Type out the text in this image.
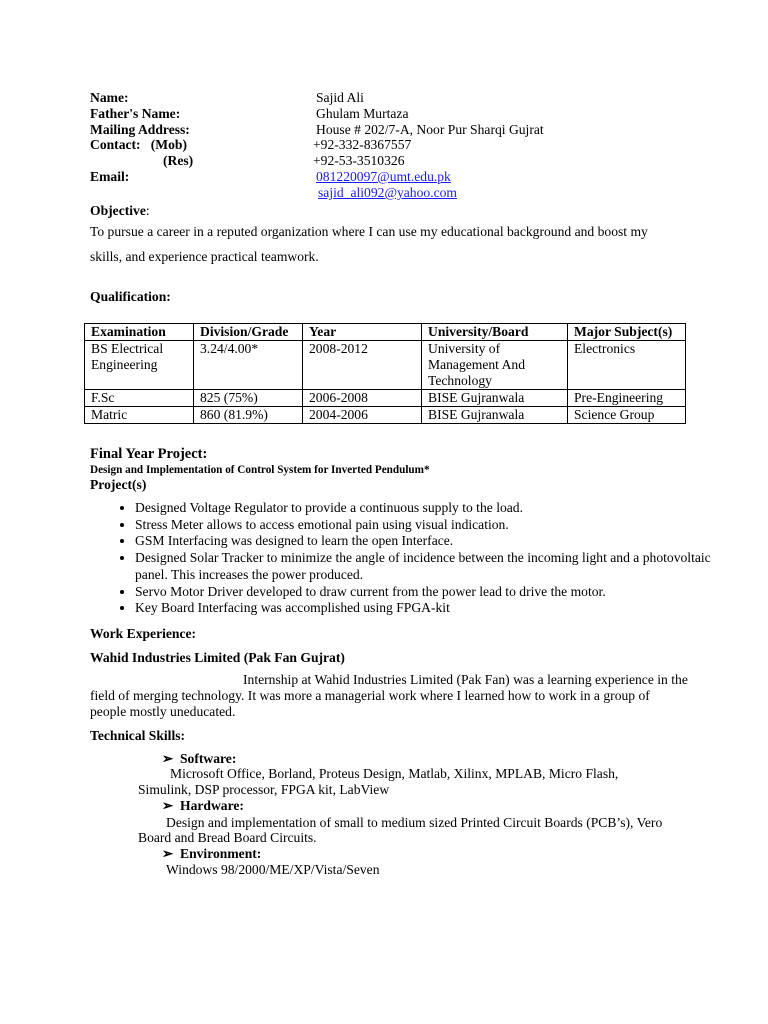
Name:	Sajid Ali
Father's Name:	Ghulam Murtaza
Mailing Address:	House # 202/7-A, Noor Pur Sharqi Gujrat
Contact:   (Mob)	+92-332-8367557
(Res)	+92-53-3510326
Email:	081220097@umt.edu.pk
sajid_ali092@yahoo.com
Objective:
To pursue a career in a reputed organization where I can use my educational background and boost my skills, and experience practical teamwork.
Qualification:
Examination	Division/Grade	Year	University/Board	Major Subject(s)
BS Electrical Engineering	3.24/4.00*	2008-2012	University of Management And Technology	Electronics
F.Sc	825 (75%)	2006-2008	BISE Gujranwala	Pre-Engineering
Matric	860 (81.9%)	2004-2006	BISE Gujranwala	Science Group
Final Year Project:
Design and Implementation of Control System for Inverted Pendulum*
Project(s)
• Designed Voltage Regulator to provide a continuous supply to the load.
• Stress Meter allows to access emotional pain using visual indication.
• GSM Interfacing was designed to learn the open Interface.
• Designed Solar Tracker to minimize the angle of incidence between the incoming light and a photovoltaic panel. This increases the power produced.
• Servo Motor Driver developed to draw current from the power lead to drive the motor.
• Key Board Interfacing was accomplished using FPGA-kit
Work Experience:
Wahid Industries Limited (Pak Fan Gujrat)
Internship at Wahid Industries Limited (Pak Fan) was a learning experience in the
field of merging technology. It was more a managerial work where I learned how to work in a group of
people mostly uneducated.
Technical Skills:
➢ Software:
Microsoft Office, Borland, Proteus Design, Matlab, Xilinx, MPLAB, Micro Flash,
Simulink, DSP processor, FPGA kit, LabView
➢ Hardware:
Design and implementation of small to medium sized Printed Circuit Boards (PCB’s), Vero
Board and Bread Board Circuits.
➢ Environment:
Windows 98/2000/ME/XP/Vista/Seven
